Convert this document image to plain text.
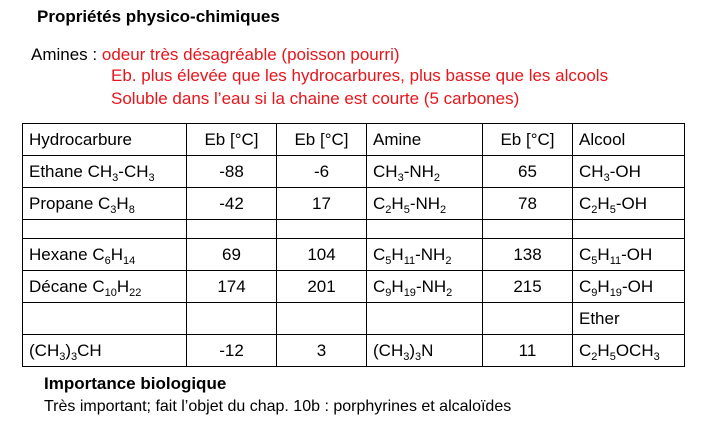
Propriétés physico-chimiques
Amines : odeur très désagréable (poisson pourri)
Eb. plus élevée que les hydrocarbures, plus basse que les alcools
Soluble dans l’eau si la chaine est courte (5 carbones)
Hydrocarbure	Eb [°C]	Eb [°C]	Amine	Eb [°C]	Alcool
Ethane $CH_3-CH_3$	-88	-6	$CH_3-NH_2$	65	$CH_3-OH$
Propane $C_3H_8$	-42	17	$C_2H_5-NH_2$	78	$C_2H_5-OH$

Hexane $C_6H_{14}$	69	104	$C_5H_{11}-NH_2$	138	$C_5H_{11}-OH$
Décane $C_{10}H_{22}$	174	201	$C_9H_{19}-NH_2$	215	$C_9H_{19}-OH$
					Ether
$(CH_3)_3CH$	-12	3	$(CH_3)_3N$	11	$C_2H_5OCH_3$
Importance biologique
Très important; fait l’objet du chap. 10b : porphyrines et alcaloïdes
